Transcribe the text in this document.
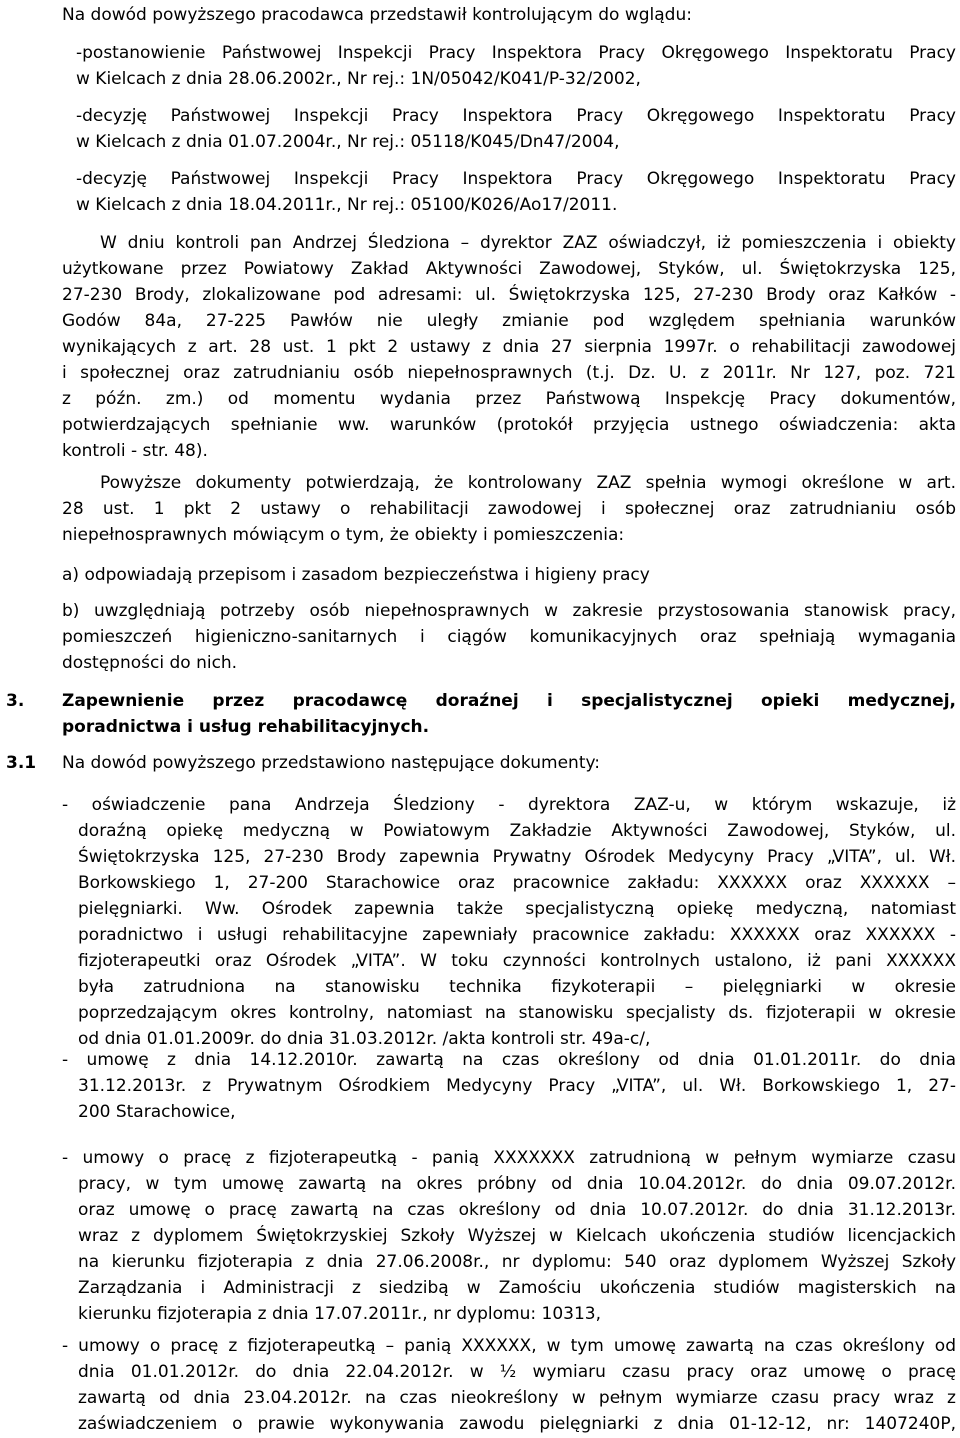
Na dowód powyższego pracodawca przedstawił kontrolującym do wglądu:
-postanowienie Państwowej Inspekcji Pracy Inspektora Pracy Okręgowego Inspektoratu Pracy
w Kielcach z dnia 28.06.2002r., Nr rej.: 1N/05042/K041/P-32/2002,
-decyzję Państwowej Inspekcji Pracy Inspektora Pracy Okręgowego Inspektoratu Pracy
w Kielcach z dnia 01.07.2004r., Nr rej.: 05118/K045/Dn47/2004,
-decyzję Państwowej Inspekcji Pracy Inspektora Pracy Okręgowego Inspektoratu Pracy
w Kielcach z dnia 18.04.2011r., Nr rej.: 05100/K026/Ao17/2011.
W dniu kontroli pan Andrzej Śledziona – dyrektor ZAZ oświadczył, iż pomieszczenia i obiekty
użytkowane przez Powiatowy Zakład Aktywności Zawodowej, Styków, ul. Świętokrzyska 125,
27-230 Brody, zlokalizowane pod adresami: ul. Świętokrzyska 125, 27-230 Brody oraz Kałków -
Godów 84a, 27-225 Pawłów nie uległy zmianie pod względem spełniania warunków
wynikających z art. 28 ust. 1 pkt 2 ustawy z dnia 27 sierpnia 1997r. o rehabilitacji zawodowej
i społecznej oraz zatrudnianiu osób niepełnosprawnych (t.j. Dz. U. z 2011r. Nr 127, poz. 721
z późn. zm.) od momentu wydania przez Państwową Inspekcję Pracy dokumentów,
potwierdzających spełnianie ww. warunków (protokół przyjęcia ustnego oświadczenia: akta
kontroli - str. 48).
Powyższe dokumenty potwierdzają, że kontrolowany ZAZ spełnia wymogi określone w art.
28 ust. 1 pkt 2 ustawy o rehabilitacji zawodowej i społecznej oraz zatrudnianiu osób
niepełnosprawnych mówiącym o tym, że obiekty i pomieszczenia:
a) odpowiadają przepisom i zasadom bezpieczeństwa i higieny pracy
b) uwzględniają potrzeby osób niepełnosprawnych w zakresie przystosowania stanowisk pracy,
pomieszczeń higieniczno-sanitarnych i ciągów komunikacyjnych oraz spełniają wymagania
dostępności do nich.
3. Zapewnienie przez pracodawcę doraźnej i specjalistycznej opieki medycznej,
poradnictwa i usług rehabilitacyjnych.
3.1 Na dowód powyższego przedstawiono następujące dokumenty:
- oświadczenie pana Andrzeja Śledziony - dyrektora ZAZ-u, w którym wskazuje, iż
doraźną opiekę medyczną w Powiatowym Zakładzie Aktywności Zawodowej, Styków, ul.
Świętokrzyska 125, 27-230 Brody zapewnia Prywatny Ośrodek Medycyny Pracy „VITA”, ul. Wł.
Borkowskiego 1, 27-200 Starachowice oraz pracownice zakładu: XXXXXX oraz XXXXXX –
pielęgniarki. Ww. Ośrodek zapewnia także specjalistyczną opiekę medyczną, natomiast
poradnictwo i usługi rehabilitacyjne zapewniały pracownice zakładu: XXXXXX oraz XXXXXX -
fizjoterapeutki oraz Ośrodek „VITA”. W toku czynności kontrolnych ustalono, iż pani XXXXXX
była zatrudniona na stanowisku technika fizykoterapii – pielęgniarki w okresie
poprzedzającym okres kontrolny, natomiast na stanowisku specjalisty ds. fizjoterapii w okresie
od dnia 01.01.2009r. do dnia 31.03.2012r. /akta kontroli str. 49a-c/,
- umowę z dnia 14.12.2010r. zawartą na czas określony od dnia 01.01.2011r. do dnia
31.12.2013r. z Prywatnym Ośrodkiem Medycyny Pracy „VITA”, ul. Wł. Borkowskiego 1, 27-
200 Starachowice,
- umowy o pracę z fizjoterapeutką - panią XXXXXXX zatrudnioną w pełnym wymiarze czasu
pracy, w tym umowę zawartą na okres próbny od dnia 10.04.2012r. do dnia 09.07.2012r.
oraz umowę o pracę zawartą na czas określony od dnia 10.07.2012r. do dnia 31.12.2013r.
wraz z dyplomem Świętokrzyskiej Szkoły Wyższej w Kielcach ukończenia studiów licencjackich
na kierunku fizjoterapia z dnia 27.06.2008r., nr dyplomu: 540 oraz dyplomem Wyższej Szkoły
Zarządzania i Administracji z siedzibą w Zamościu ukończenia studiów magisterskich na
kierunku fizjoterapia z dnia 17.07.2011r., nr dyplomu: 10313,
- umowy o pracę z fizjoterapeutką – panią XXXXXX, w tym umowę zawartą na czas określony od
dnia 01.01.2012r. do dnia 22.04.2012r. w ½ wymiaru czasu pracy oraz umowę o pracę
zawartą od dnia 23.04.2012r. na czas nieokreślony w pełnym wymiarze czasu pracy wraz z
zaświadczeniem o prawie wykonywania zawodu pielęgniarki z dnia 01-12-12, nr: 1407240P,
